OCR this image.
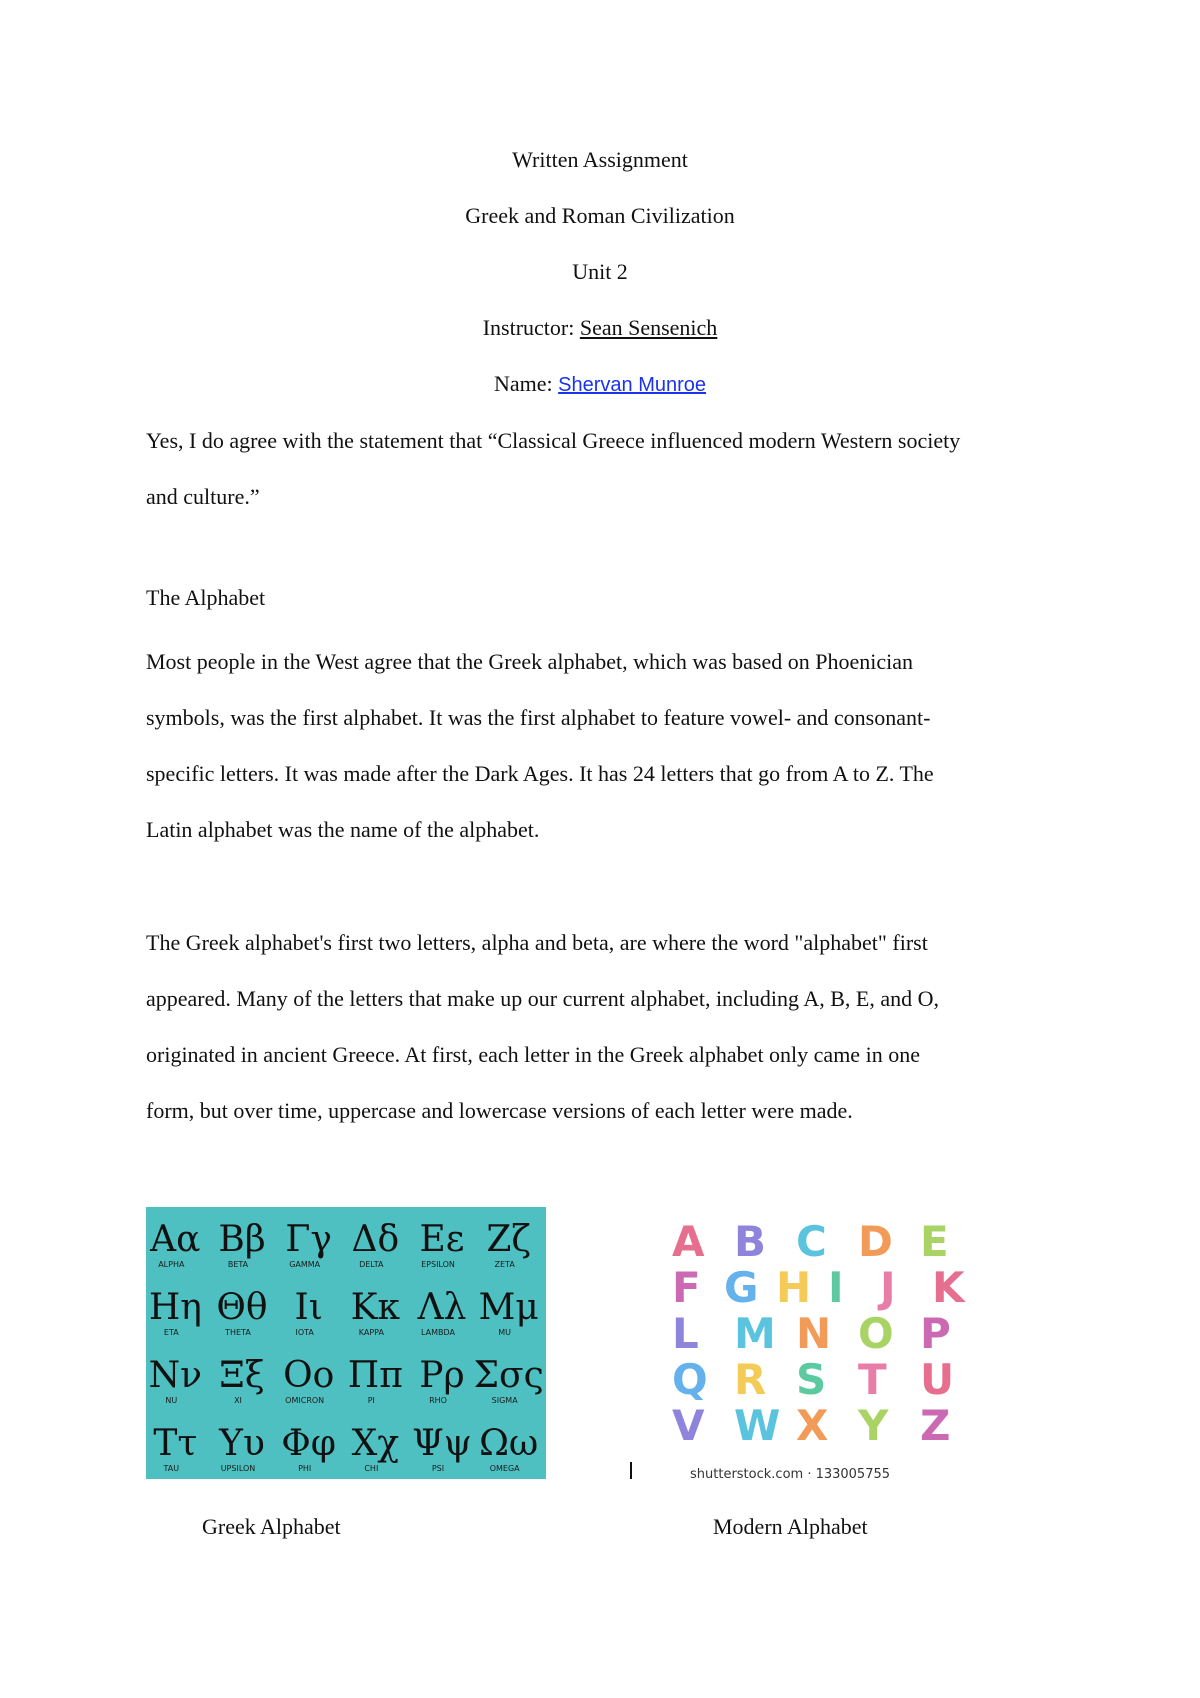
Written Assignment
Greek and Roman Civilization
Unit 2
Instructor: Sean Sensenich
Name: Shervan Munroe

Yes, I do agree with the statement that “Classical Greece influenced modern Western society

and culture.”

The Alphabet

Most people in the West agree that the Greek alphabet, which was based on Phoenician

symbols, was the first alphabet. It was the first alphabet to feature vowel- and consonant-

specific letters. It was made after the Dark Ages. It has 24 letters that go from A to Z. The

Latin alphabet was the name of the alphabet.

The Greek alphabet's first two letters, alpha and beta, are where the word "alphabet" first

appeared. Many of the letters that make up our current alphabet, including A, B, E, and O,

originated in ancient Greece. At first, each letter in the Greek alphabet only came in one

form, but over time, uppercase and lowercase versions of each letter were made.

Aα
ALPHA
Bβ
BETA
Γγ
GAMMA
Δδ
DELTA
Eε
EPSILON
Zζ
ZETA
Hη
ETA
Θθ
THETA
Iι
IOTA
Kκ
KAPPA
Λλ
LAMBDA
Mμ
MU
Nν
NU
Ξξ
XI
Oo
OMICRON
Ππ
PI
Pρ
RHO
Σσς
SIGMA
Tτ
TAU
Yυ
UPSILON
Φφ
PHI
Xχ
CHI
Ψψ
PSI
Ωω
OMEGA
A B C D E
F G H I J K
L M N O P
Q R S T U
V W X Y Z
shutterstock.com · 133005755
Greek Alphabet	Modern Alphabet
